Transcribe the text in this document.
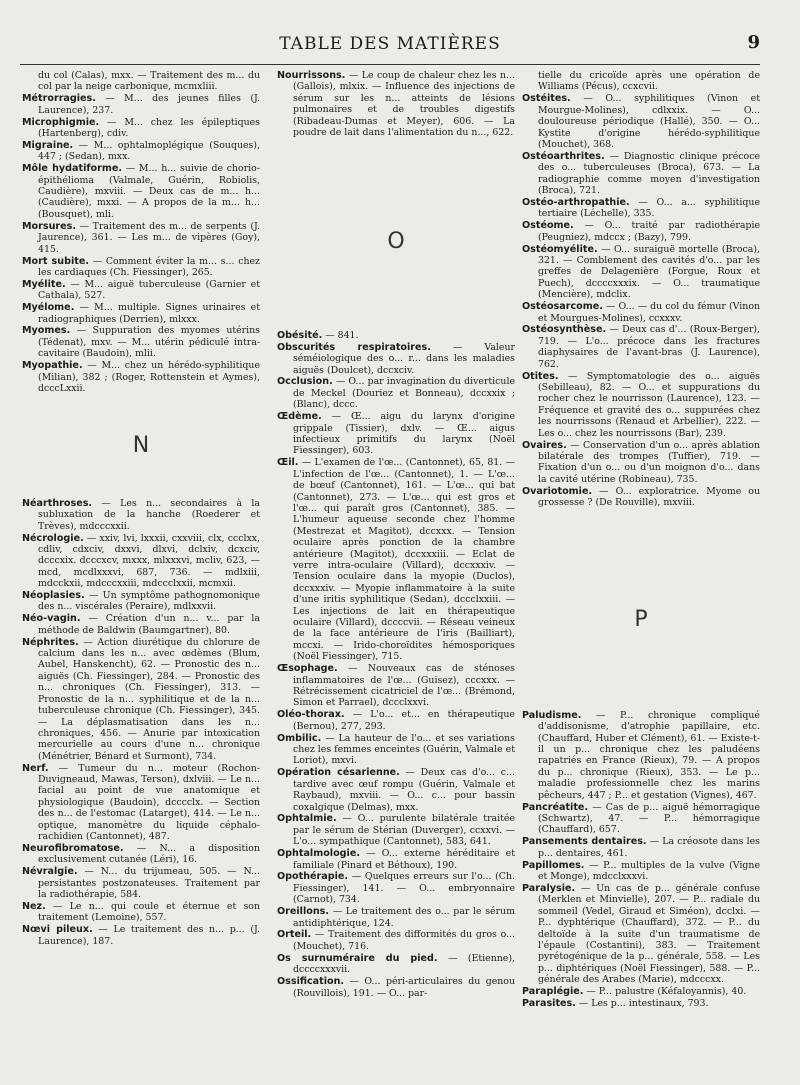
TABLE DES MATIÈRES	9

du col (Calas), mxx. — Traitement des m... du col par la neige carbonique, mcmxliii.

Métrorragies. — M... des jeunes filles (J. Laurence), 237.

Microphigmie. — M... chez les épileptiques (Hartenberg), cdiv.

Migraine. — M... ophtalmoplégique (Souques), 447 ; (Sedan), mxx.

Môle hydatiforme. — M... h... suivie de chorio-épithélioma (Valmale, Guérin, Robiolis, Caudière), mxviii. — Deux cas de m... h... (Caudière), mxxi. — A propos de la m... h... (Bousquet), mli.

Morsures. — Traitement des m... de serpents (J. Jaurence), 361. — Les m... de vipères (Goy), 415.

Mort subite. — Comment éviter la m... s... chez les cardiaques (Ch. Fiessinger), 265.

Myélite. — M... aiguë tuberculeuse (Garnier et Cathala), 527.

Myélome. — M... multiple. Signes urinaires et radiographiques (Derrien), mlxxx.

Myomes. — Suppuration des myomes utérins (Tédenat), mxv. — M... utérin pédiculé intra-cavitaire (Baudoin), mlii.

Myopathie. — M... chez un hérédo-syphilitique (Milian), 382 ; (Roger, Rottenstein et Aymes), dcccLxxii.

N

Néarthroses. — Les n... secondaires à la subluxation de la hanche (Roederer et Trèves), mdcccxxii.

Nécrologie. — xxiv, lvi, lxxxii, cxxviii, clx, ccclxx, cdliv, cdxciv, dxxvi, dlxvi, dclxiv, dcxciv, dcccxix. dcccxcv, mxxx, mlxxxvi, mcliv, 623, — mcd, mcdlxxxvi, 687, 736. — mdlxiii, mdcckxii, mdcccxxiii, mdccclxxii, mcmxii.

Néoplasies. — Un symptôme pathognomonique des n... viscérales (Peraire), mdlxxvii.

Néo-vagin. — Création d'un n... v... par la méthode de Baldwin (Baumgartner), 80.

Néphrites. — Action diurétique du chlorure de calcium dans les n... avec œdèmes (Blum, Aubel, Hanskencht), 62. — Pronostic des n... aiguës (Ch. Fiessinger), 284. — Pronostic des n... chroniques (Ch. Fiessinger), 313. — Pronostic de la n... syphilitique et de la n... tuberculeuse chronique (Ch. Fiessinger), 345. — La déplasmatisation dans les n... chroniques, 456. — Anurie par intoxication mercurielle au cours d'une n... chronique (Ménétrier, Bénard et Surmont), 734.

Nerf. — Tumeur du n... moteur (Rochon-Duvigneaud, Mawas, Terson), dxlviii. — Le n... facial au point de vue anatomique et physiologique (Baudoin), dcccclx. — Section des n... de l'estomac (Latarget), 414. — Le n... optique, manomètre du liquide céphalo-rachidien (Cantonnet), 487.

Neurofibromatose. — N... a disposition exclusivement cutanée (Léri), 16.

Névralgie. — N... du trijumeau, 505. — N... persistantes postzonateuses. Traitement par la radiothérapie, 584.

Nez. — Le n... qui coule et éternue et son traitement (Lemoine), 557.

Nœvi pileux. — Le traitement des n... p... (J. Laurence), 187.

Nourrissons. — Le coup de chaleur chez les n... (Gallois), mlxix. — Influence des injections de sérum sur les n... atteints de lésions pulmonaires et de troubles digestifs (Ribadeau-Dumas et Meyer), 606. — La poudre de lait dans l'alimentation du n..., 622.

O

Obésité. — 841.

Obscurités respiratoires. — Valeur séméiologique des o... r... dans les maladies aiguës (Doulcet), dccxciv.

Occlusion. — O... par invagination du diverticule de Meckel (Douriez et Bonneau), dccxxix ; (Blanc), dccc.

Œdème. — Œ... aigu du larynx d'origine grippale (Tissier), dxlv. — Œ... aigus infectieux primitifs du larynx (Noël Fiessinger), 603.

Œil. — L'examen de l'œ... (Cantonnet), 65, 81. — L'infection de l'œ... (Cantonnet), 1. — L'œ... de bœuf (Cantonnet), 161. — L'œ... qui bat (Cantonnet), 273. — L'œ... qui est gros et l'œ... qui paraît gros (Cantonnet), 385. — L'humeur aqueuse seconde chez l'homme (Mestrezat et Magitot), dccxxx. — Tension oculaire après ponction de la chambre antérieure (Magitot), dccxxxiii. — Eclat de verre intra-oculaire (Villard), dccxxxiv. — Tension oculaire dans la myopie (Duclos), dccxxxiv. — Myopie inflammatoire à la suite d'une iritis syphilitique (Sedan), dccclxxiii. — Les injections de lait en thérapeutique oculaire (Villard), dccccvii. — Réseau veineux de la face antérieure de l'iris (Bailliart), mccxi. — Irido-choroïdites hémosporiques (Noël Fiessinger), 715.

Œsophage. — Nouveaux cas de sténoses inflammatoires de l'œ... (Guisez), cccxxx. — Rétrécissement cicatriciel de l'œ... (Brémond, Simon et Parrael), dccclxxvi.

Oléo-thorax. — L'o... et... en thérapeutique (Bernou), 277, 293.

Ombilic. — La hauteur de l'o... et ses variations chez les femmes enceintes (Guérin, Valmale et Loriot), mxvi.

Opération césarienne. — Deux cas d'o... c... tardive avec œuf rompu (Guérin, Valmale et Raybaud), mxviii. — O... c... pour bassin coxalgique (Delmas), mxx.

Ophtalmie. — O... purulente bilatérale traitée par le sérum de Stérian (Duverger), ccxxvi. — L'o... sympathique (Cantonnet), 583, 641.

Ophtalmologie. — O... externe héréditaire et familiale (Pinard et Béthoux), 190.

Opothérapie. — Quelques erreurs sur l'o... (Ch. Fiessinger), 141. — O... embryonnaire (Carnot), 734.

Oreillons. — Le traitement des o... par le sérum antidiphtérique, 124.

Orteil. — Traitement des difformités du gros o... (Mouchet), 716.

Os surnuméraire du pied. — (Etienne), dccccxxxvii.

Ossification. — O... péri-articulaires du genou (Rouvillois), 191. — O... par-

tielle du cricoïde après une opération de Williams (Pécus), ccxcvii.

Ostéites. — O... syphilitiques (Vinon et Mourgue-Molines), cdlxxix. — O... douloureuse périodique (Hallé), 350. — O... Kystite d'origine hérédo-syphilitique (Mouchet), 368.

Ostéoarthrites. — Diagnostic clinique précoce des o... tuberculeuses (Broca), 673. — La radiographie comme moyen d'investigation (Broca), 721.

Ostéo-arthropathie. — O... a... syphilitique tertiaire (Léchelle), 335.

Ostéome. — O... traité par radiothérapie (Peugniez), mdccx ; (Bazy), 799.

Ostéomyélite. — O... suraiguë mortelle (Broca), 321. — Comblement des cavités d'o... par les greffes de Delagenière (Forgue, Roux et Puech), dccccxxxix. — O... traumatique (Mencière), mdclix.

Ostéosarcome. — O... — du col du fémur (Vinon et Mourgues-Molines), ccxxxv.

Ostéosynthèse. — Deux cas d'... (Roux-Berger), 719. — L'o... précoce dans les fractures diaphysaires de l'avant-bras (J. Laurence), 762.

Otites. — Symptomatologie des o... aiguës (Sebilleau), 82. — O... et suppurations du rocher chez le nourrisson (Laurence), 123. — Fréquence et gravité des o... suppurées chez les nourrissons (Renaud et Arbellier), 222. — Les o... chez les nourrissons (Bar), 239.

Ovaires. — Conservation d'un o... après ablation bilatérale des trompes (Tuffier), 719. — Fixation d'un o... ou d'un moignon d'o... dans la cavité utérine (Robineau), 735.

Ovariotomie. — O... exploratrice. Myome ou grossesse ? (De Rouville), mxviii.

P

Paludisme. — P... chronique compliqué d'addisonisme, d'atrophie papillaire, etc. (Chauffard, Huber et Clément), 61. — Existe-t-il un p... chronique chez les paludéens rapatriés en France (Rieux), 79. — A propos du p... chronique (Rieux), 353. — Le p... maladie professionnelle chez les marins pêcheurs, 447 ; P... et gestation (Vignes), 467.

Pancréatite. — Cas de p... aiguë hémorragique (Schwartz), 47. — P... hémorragique (Chauffard), 657.

Pansements dentaires. — La créosote dans les p... dentaires, 461.

Papillomes. — P... multiples de la vulve (Vigne et Monge), mdcclxxxvi.

Paralysie. — Un cas de p... générale confuse (Merklen et Minvielle), 207. — P... radiale du sommeil (Vedel, Giraud et Siméon), dcclxi. — P... dyphtérique (Chauffard), 372. — P... du deltoïde à la suite d'un traumatisme de l'épaule (Costantini), 383. — Traitement pyrétogénique de la p... générale, 558. — Les p... diphtériques (Noël Fiessinger), 588. — P... générale des Arabes (Marie), mdcccxx.

Paraplégie. — P... palustre (Kéfaloyannis), 40.

Parasites. — Les p... intestinaux, 793.
